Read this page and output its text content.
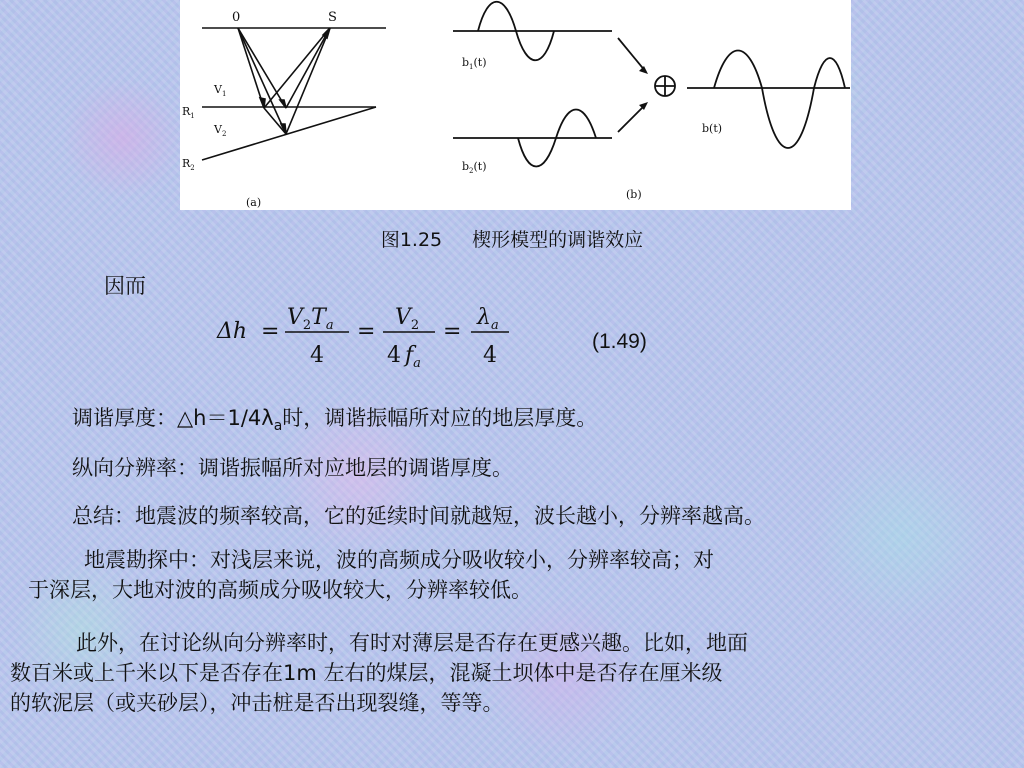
0	S
$V_1$
$V_2$
$R_1$
$R_2$
(a)
$b_1(t)$
$b_2(t)$
b(t)
(b)
图1.25 楔形模型的调谐效应
因而
Δh =
$V_2T_a$
4
=
$V_2$
4 $f_a$
=
$\lambda_a$
4
(1.49)
调谐厚度：$\triangle h=1/4\lambda_a$时，调谐振幅所对应的地层厚度。
纵向分辨率：调谐振幅所对应地层的调谐厚度。
总结：地震波的频率较高，它的延续时间就越短，波长越小，分辨率越高。
地震勘探中：对浅层来说，波的高频成分吸收较小，分辨率较高；对
于深层，大地对波的高频成分吸收较大，分辨率较低。
此外，在讨论纵向分辨率时，有时对薄层是否存在更感兴趣。比如，地面
数百米或上千米以下是否存在1m 左右的煤层，混凝土坝体中是否存在厘米级
的软泥层（或夹砂层），冲击桩是否出现裂缝，等等。
